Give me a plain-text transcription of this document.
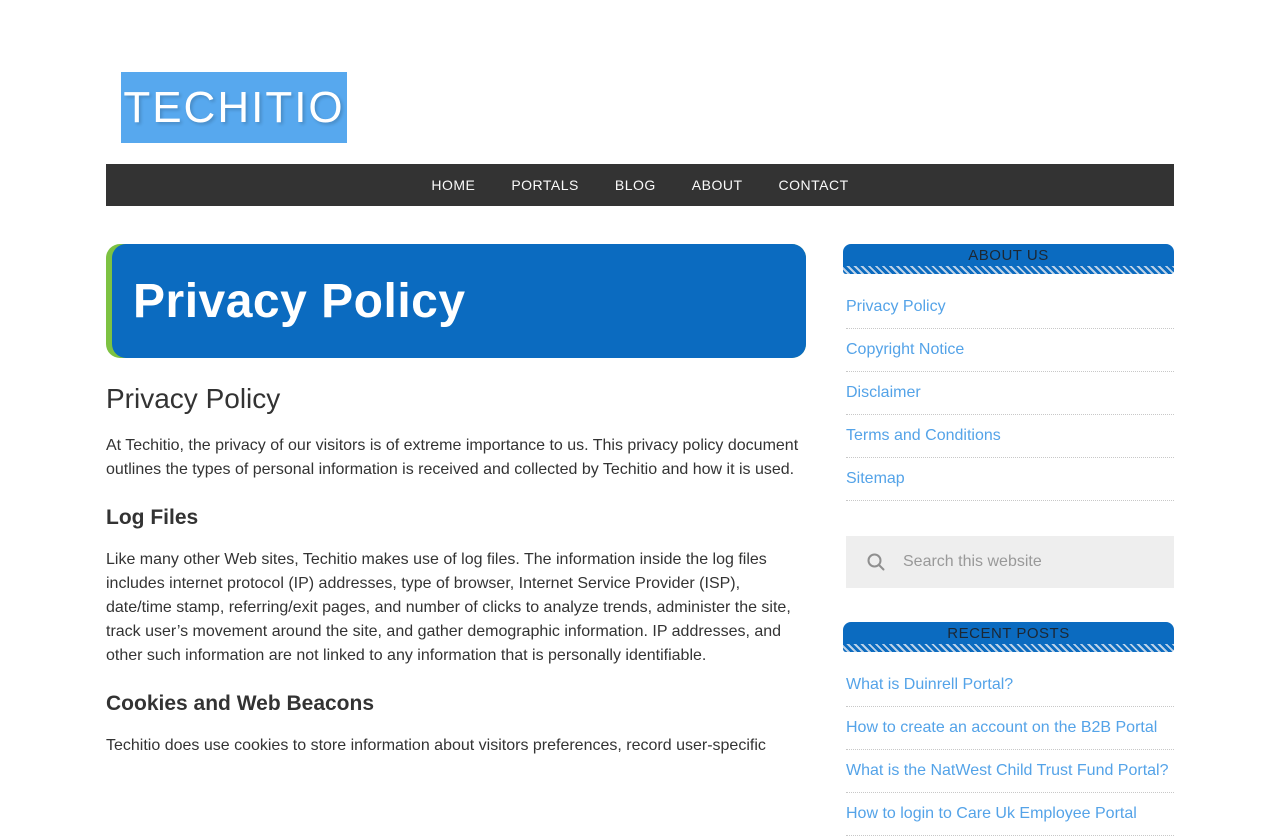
TECHITIO
HOME	PORTALS	BLOG	ABOUT	CONTACT
Privacy Policy
Privacy Policy

At Techitio, the privacy of our visitors is of extreme importance to us. This privacy policy document outlines the types of personal information is received and collected by Techitio and how it is used.

Log Files

Like many other Web sites, Techitio makes use of log files. The information inside the log files includes internet protocol (IP) addresses, type of browser, Internet Service Provider (ISP), date/time stamp, referring/exit pages, and number of clicks to analyze trends, administer the site, track user’s movement around the site, and gather demographic information. IP addresses, and other such information are not linked to any information that is personally identifiable.

Cookies and Web Beacons

Techitio does use cookies to store information about visitors preferences, record user-specific

ABOUT US
Privacy Policy
Copyright Notice
Disclaimer
Terms and Conditions
Sitemap
Search this website
RECENT POSTS
What is Duinrell Portal?
How to create an account on the B2B Portal
What is the NatWest Child Trust Fund Portal?
How to login to Care Uk Employee Portal
